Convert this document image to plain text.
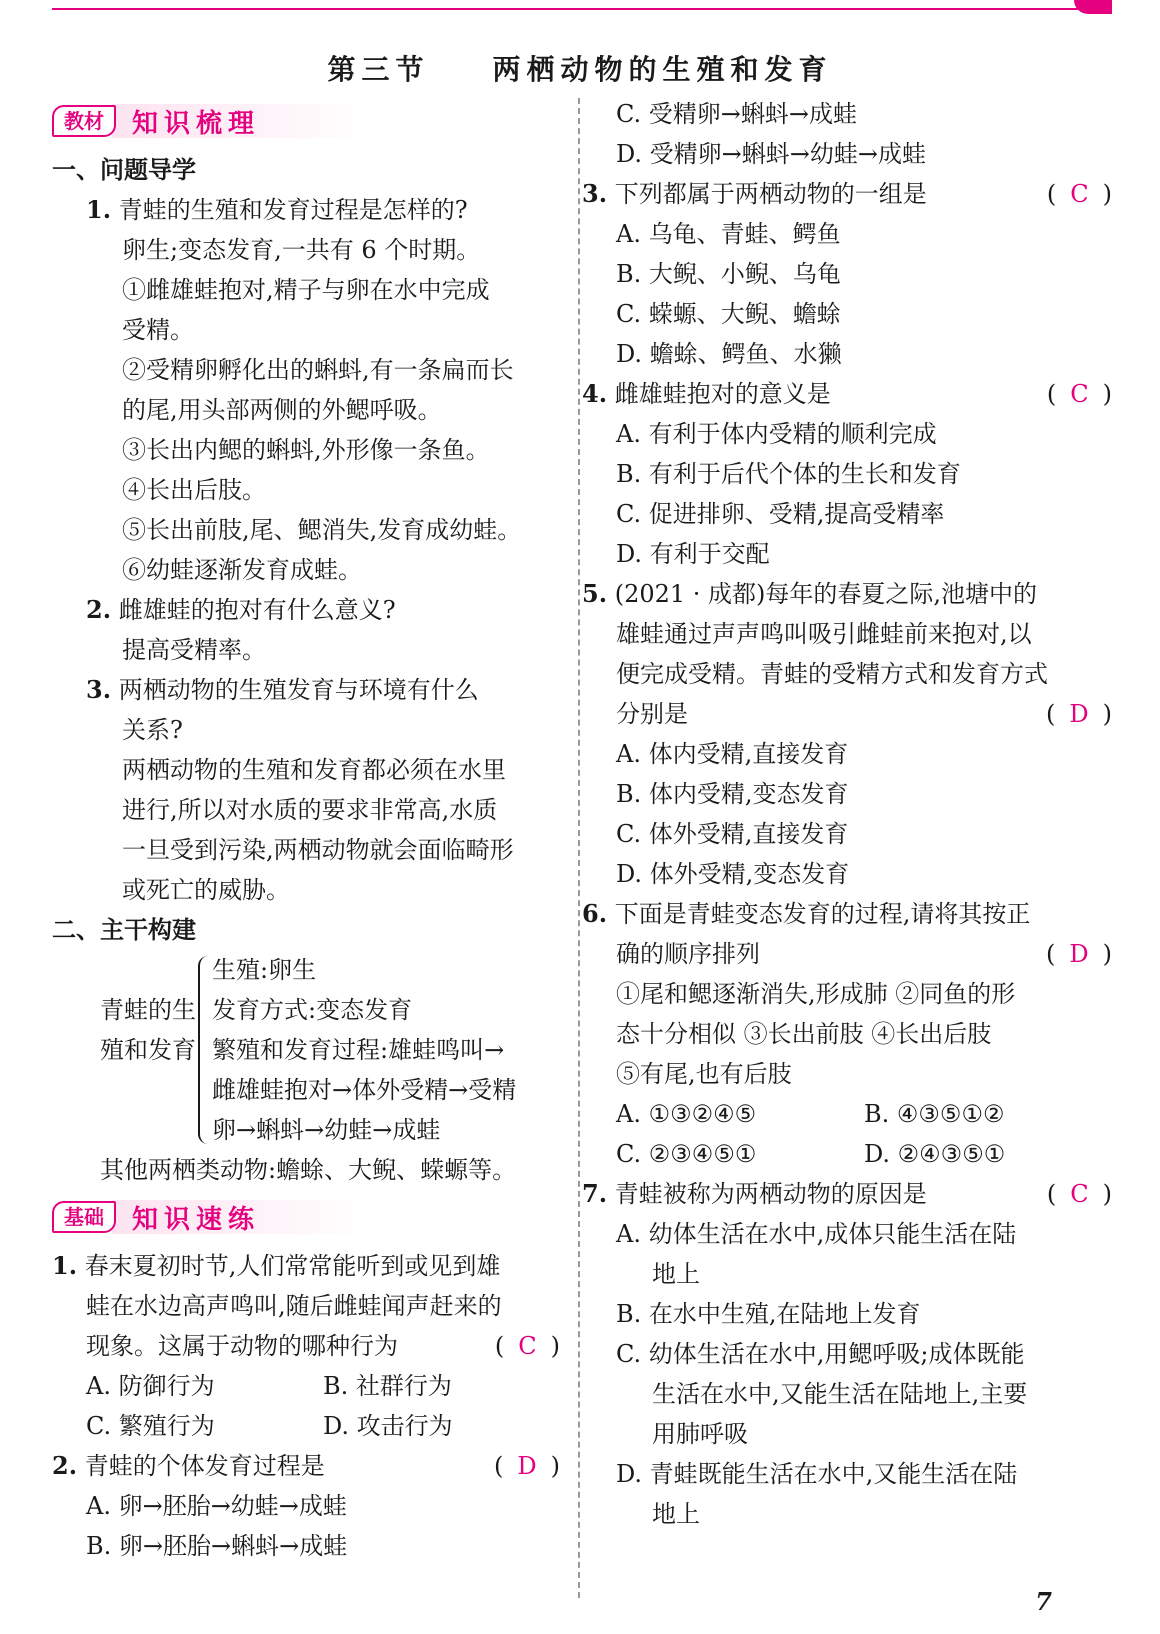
第三节    两栖动物的生殖和发育
教材	知识梳理
一、问题导学
1. 青蛙的生殖和发育过程是怎样的?
卵生;变态发育,一共有 6 个时期。
①雌雄蛙抱对,精子与卵在水中完成
受精。
②受精卵孵化出的蝌蚪,有一条扁而长
的尾,用头部两侧的外鳃呼吸。
③长出内鳃的蝌蚪,外形像一条鱼。
④长出后肢。
⑤长出前肢,尾、鳃消失,发育成幼蛙。
⑥幼蛙逐渐发育成蛙。
2. 雌雄蛙的抱对有什么意义?
提高受精率。
3. 两栖动物的生殖发育与环境有什么
关系?
两栖动物的生殖和发育都必须在水里
进行,所以对水质的要求非常高,水质
一旦受到污染,两栖动物就会面临畸形
或死亡的威胁。
二、主干构建
青蛙的生
殖和发育
生殖:卵生
发育方式:变态发育
繁殖和发育过程:雄蛙鸣叫→
雌雄蛙抱对→体外受精→受精
卵→蝌蚪→幼蛙→成蛙
其他两栖类动物:蟾蜍、大鲵、蝾螈等。
基础	知识速练
1. 春末夏初时节,人们常常能听到或见到雄
蛙在水边高声鸣叫,随后雌蛙闻声赶来的
现象。这属于动物的哪种行为	( C )
A. 防御行为	B. 社群行为
C. 繁殖行为	D. 攻击行为
2. 青蛙的个体发育过程是	( D )
A. 卵→胚胎→幼蛙→成蛙
B. 卵→胚胎→蝌蚪→成蛙
C. 受精卵→蝌蚪→成蛙
D. 受精卵→蝌蚪→幼蛙→成蛙
3. 下列都属于两栖动物的一组是	( C )
A. 乌龟、青蛙、鳄鱼
B. 大鲵、小鲵、乌龟
C. 蝾螈、大鲵、蟾蜍
D. 蟾蜍、鳄鱼、水獭
4. 雌雄蛙抱对的意义是	( C )
A. 有利于体内受精的顺利完成
B. 有利于后代个体的生长和发育
C. 促进排卵、受精,提高受精率
D. 有利于交配
5. (2021 · 成都)每年的春夏之际,池塘中的
雄蛙通过声声鸣叫吸引雌蛙前来抱对,以
便完成受精。青蛙的受精方式和发育方式
分别是	( D )
A. 体内受精,直接发育
B. 体内受精,变态发育
C. 体外受精,直接发育
D. 体外受精,变态发育
6. 下面是青蛙变态发育的过程,请将其按正
确的顺序排列	( D )
①尾和鳃逐渐消失,形成肺 ②同鱼的形
态十分相似 ③长出前肢 ④长出后肢
⑤有尾,也有后肢
A. ①③②④⑤	B. ④③⑤①②
C. ②③④⑤①	D. ②④③⑤①
7. 青蛙被称为两栖动物的原因是	( C )
A. 幼体生活在水中,成体只能生活在陆
地上
B. 在水中生殖,在陆地上发育
C. 幼体生活在水中,用鳃呼吸;成体既能
生活在水中,又能生活在陆地上,主要
用肺呼吸
D. 青蛙既能生活在水中,又能生活在陆
地上
7
